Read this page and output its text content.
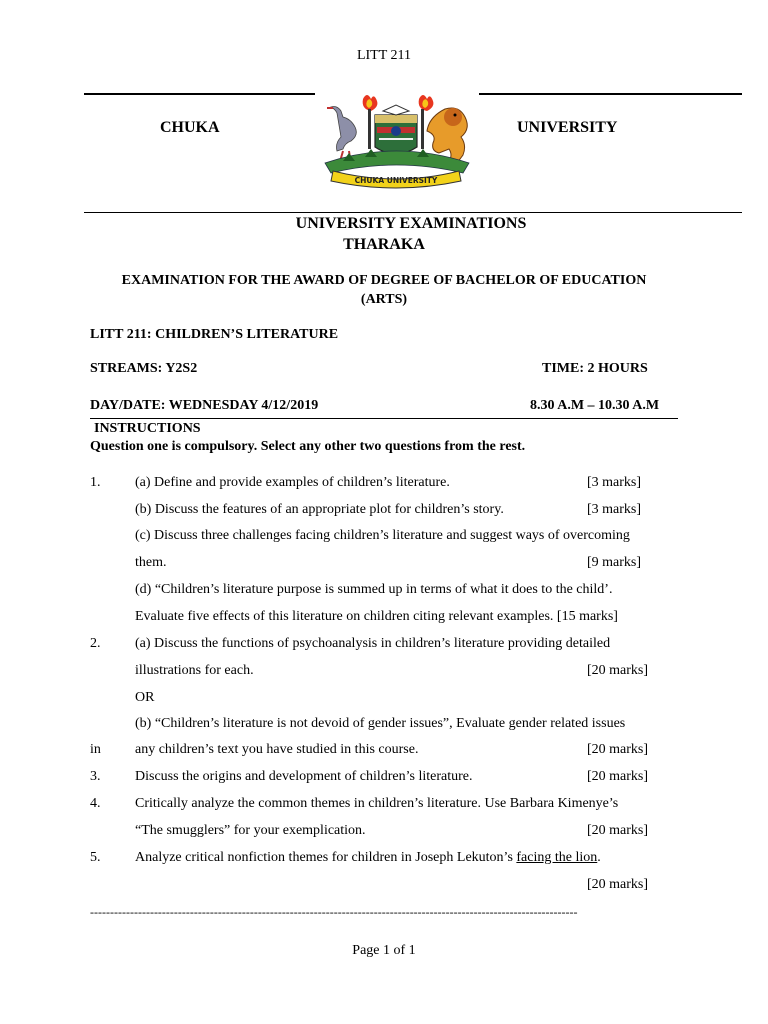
LITT 211
CHUKA	UNIVERSITY
CHUKA UNIVERSITY
UNIVERSITY EXAMINATIONS
THARAKA
EXAMINATION FOR THE AWARD OF DEGREE OF BACHELOR OF EDUCATION
(ARTS)
LITT 211: CHILDREN’S LITERATURE
STREAMS: Y2S2	TIME: 2 HOURS
DAY/DATE: WEDNESDAY 4/12/2019	8.30 A.M – 10.30 A.M
INSTRUCTIONS
Question one is compulsory. Select any other two questions from the rest.
1. (a) Define and provide examples of children’s literature.	[3 marks]
(b) Discuss the features of an appropriate plot for children’s story.	[3 marks]
(c) Discuss three challenges facing children’s literature and suggest ways of overcoming
them.	[9 marks]
(d) “Children’s literature purpose is summed up in terms of what it does to the child’.
Evaluate five effects of this literature on children citing relevant examples. [15 marks]
2. (a) Discuss the functions of psychoanalysis in children’s literature providing detailed
illustrations for each.	[20 marks]
OR
(b) “Children’s literature is not devoid of gender issues”, Evaluate gender related issues
in any children’s text you have studied in this course.	[20 marks]
3. Discuss the origins and development of children’s literature.	[20 marks]
4. Critically analyze the common themes in children’s literature. Use Barbara Kimenye’s
“The smugglers” for your exemplication.	[20 marks]
5. Analyze critical nonfiction themes for children in Joseph Lekuton’s facing the lion.
[20 marks]
--------------------------------------------------------------------------------------------------------------------------
Page 1 of 1
